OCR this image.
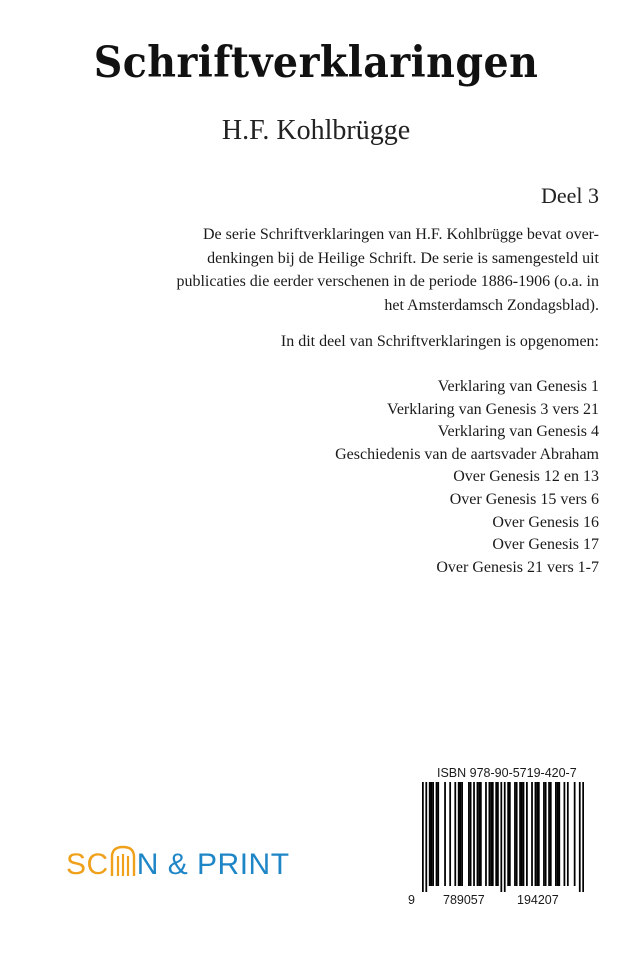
Schriftverklaringen
H.F. Kohlbrügge
Deel 3
De serie Schriftverklaringen van H.F. Kohlbrügge bevat over-
denkingen bij de Heilige Schrift. De serie is samengesteld uit
publicaties die eerder verschenen in de periode 1886-1906 (o.a. in
het Amsterdamsch Zondagsblad).
In dit deel van Schriftverklaringen is opgenomen:
Verklaring van Genesis 1
Verklaring van Genesis 3 vers 21
Verklaring van Genesis 4
Geschiedenis van de aartsvader Abraham
Over Genesis 12 en 13
Over Genesis 15 vers 6
Over Genesis 16
Over Genesis 17
Over Genesis 21 vers 1-7
SC N & PRINT
ISBN 978-90-5719-420-7
9 789057	194207
